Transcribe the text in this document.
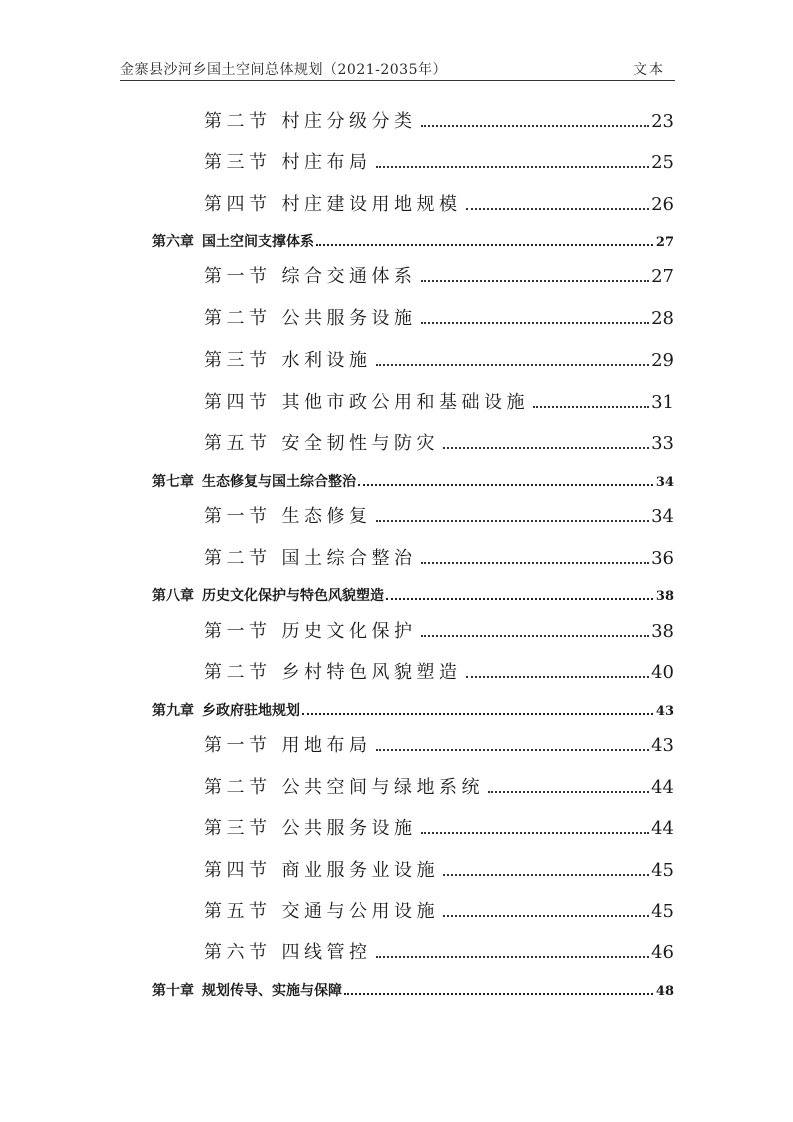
金寨县沙河乡国土空间总体规划（2021-2035年）	文本
第二节 村庄分级分类	23
第三节 村庄布局	25
第四节 村庄建设用地规模	26
第六章 国土空间支撑体系	27
第一节 综合交通体系	27
第二节 公共服务设施	28
第三节 水利设施	29
第四节 其他市政公用和基础设施	31
第五节 安全韧性与防灾	33
第七章 生态修复与国土综合整治	34
第一节 生态修复	34
第二节 国土综合整治	36
第八章 历史文化保护与特色风貌塑造	38
第一节 历史文化保护	38
第二节 乡村特色风貌塑造	40
第九章 乡政府驻地规划	43
第一节 用地布局	43
第二节 公共空间与绿地系统	44
第三节 公共服务设施	44
第四节 商业服务业设施	45
第五节 交通与公用设施	45
第六节 四线管控	46
第十章 规划传导、实施与保障	48
